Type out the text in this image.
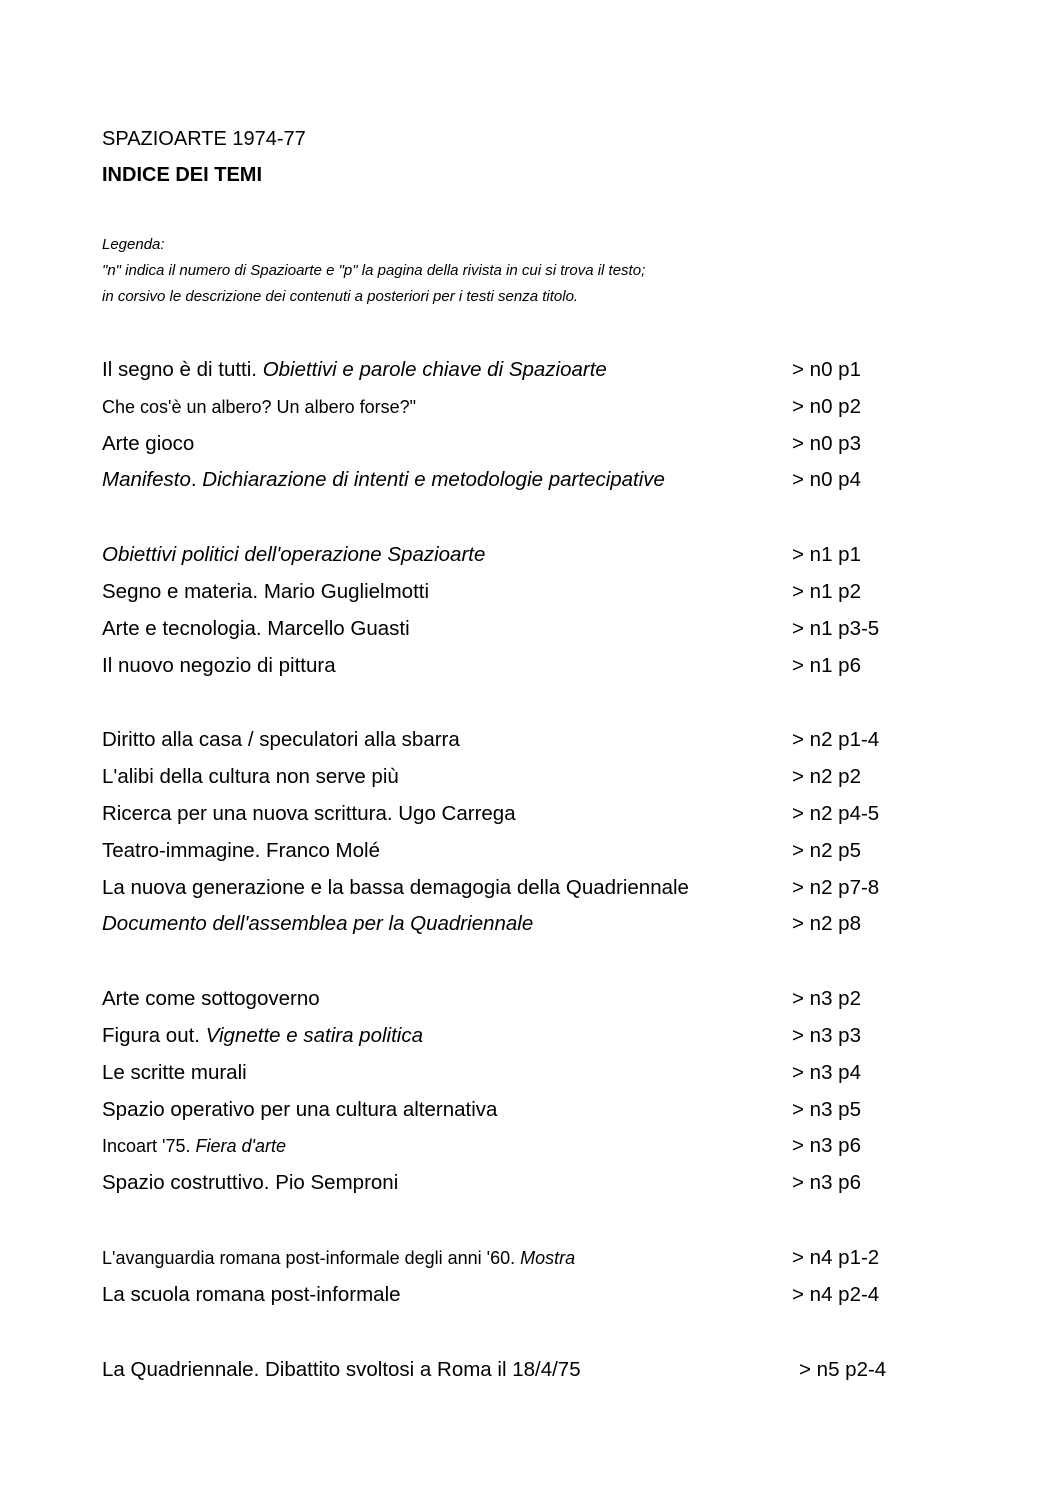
SPAZIOARTE 1974-77
INDICE DEI TEMI
Legenda:
"n" indica il numero di Spazioarte e "p" la pagina della rivista in cui si trova il testo;
in corsivo le descrizione dei contenuti a posteriori per i testi senza titolo.
Il segno è di tutti. Obiettivi e parole chiave di Spazioarte	> n0 p1
Che cos'è un albero? Un albero forse?"	> n0 p2
Arte gioco	> n0 p3
Manifesto. Dichiarazione di intenti e metodologie partecipative	> n0 p4
Obiettivi politici dell'operazione Spazioarte	> n1 p1
Segno e materia. Mario Guglielmotti	> n1 p2
Arte e tecnologia. Marcello Guasti	> n1 p3-5
Il nuovo negozio di pittura	> n1 p6
Diritto alla casa / speculatori alla sbarra	> n2 p1-4
L'alibi della cultura non serve più	> n2 p2
Ricerca per una nuova scrittura. Ugo Carrega	> n2 p4-5
Teatro-immagine. Franco Molé	> n2 p5
La nuova generazione e la bassa demagogia della Quadriennale	> n2 p7-8
Documento dell'assemblea per la Quadriennale	> n2 p8
Arte come sottogoverno	> n3 p2
Figura out. Vignette e satira politica	> n3 p3
Le scritte murali	> n3 p4
Spazio operativo per una cultura alternativa	> n3 p5
Incoart '75. Fiera d'arte	> n3 p6
Spazio costruttivo. Pio Semproni	> n3 p6
L'avanguardia romana post-informale degli anni '60. Mostra	> n4 p1-2
La scuola romana post-informale	> n4 p2-4
La Quadriennale. Dibattito svoltosi a Roma il 18/4/75	> n5 p2-4
